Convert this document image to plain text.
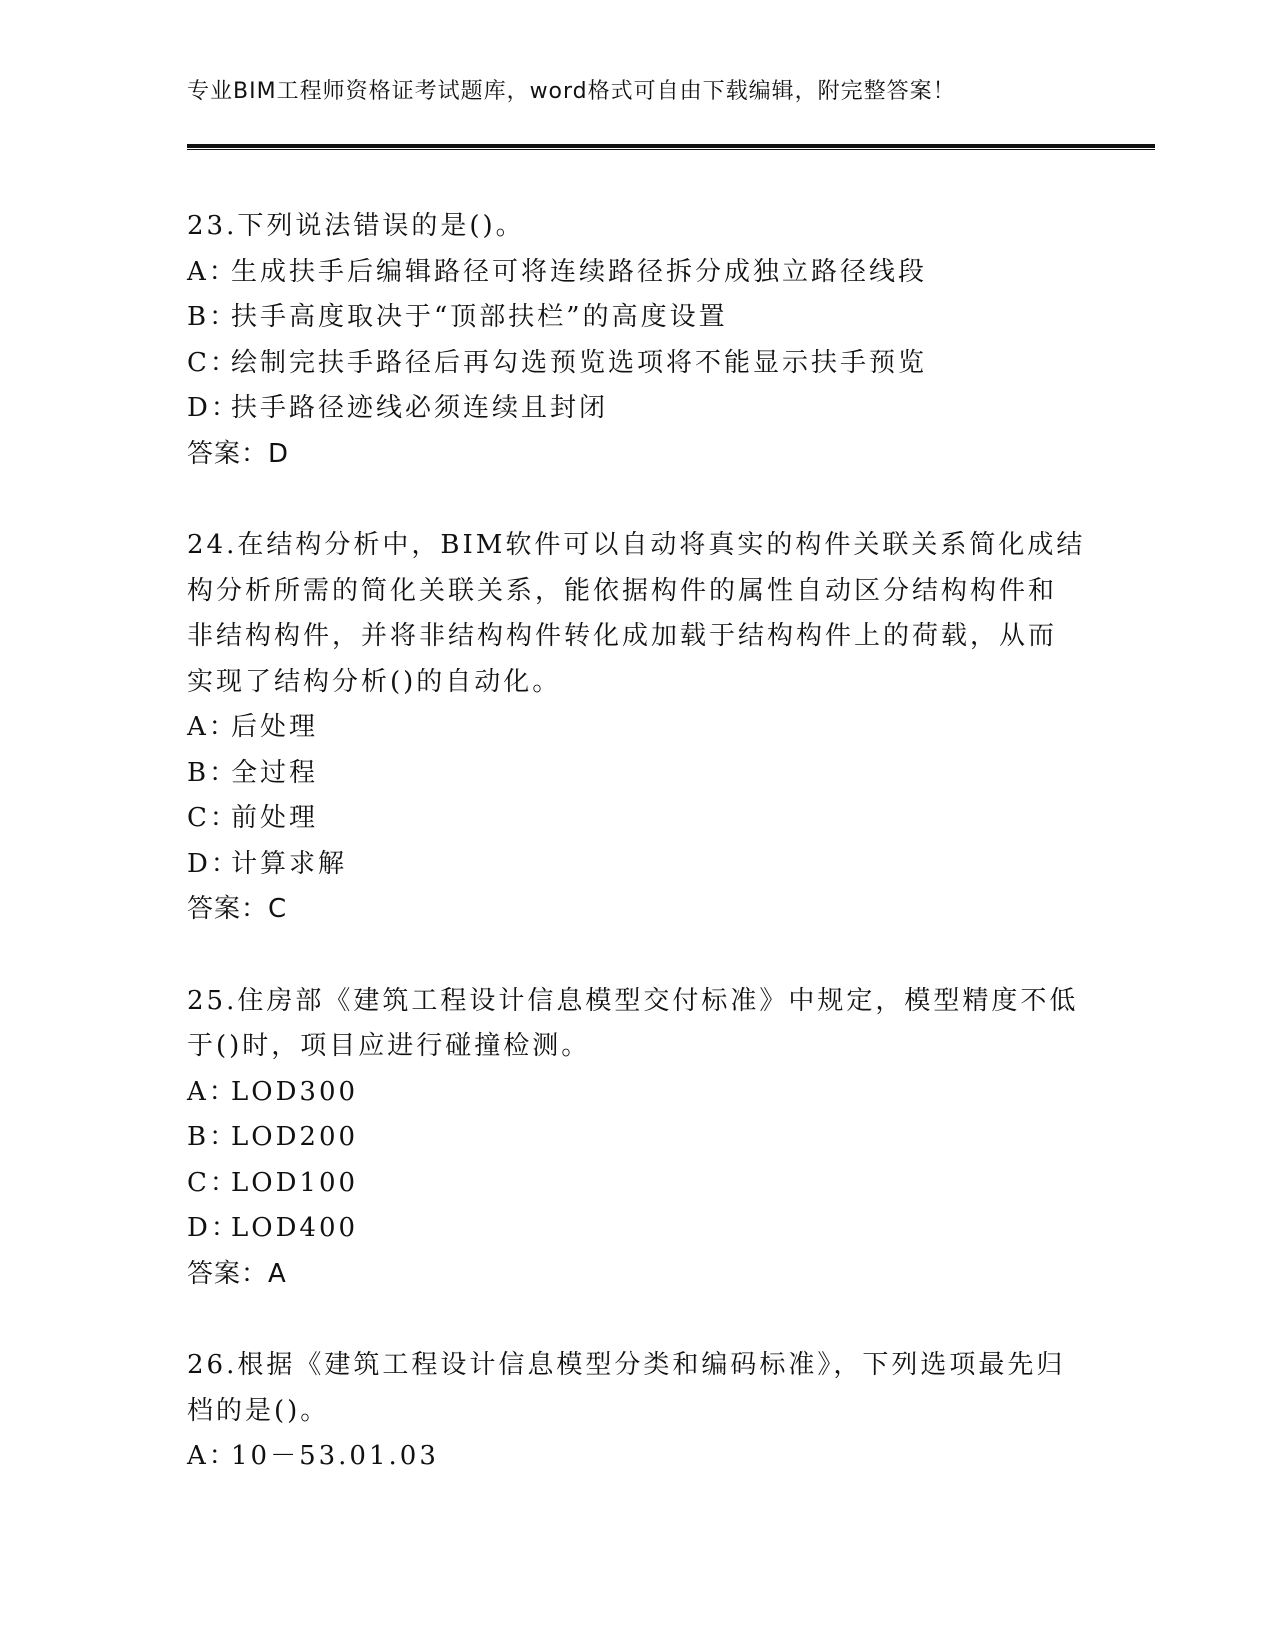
专业BIM工程师资格证考试题库，word格式可自由下载编辑，附完整答案！
23.下列说法错误的是()。
A：生成扶手后编辑路径可将连续路径拆分成独立路径线段
B：扶手高度取决于“顶部扶栏”的高度设置
C：绘制完扶手路径后再勾选预览选项将不能显示扶手预览
D：扶手路径迹线必须连续且封闭
答案：D
24.在结构分析中，BIM软件可以自动将真实的构件关联关系简化成结
构分析所需的简化关联关系，能依据构件的属性自动区分结构构件和
非结构构件，并将非结构构件转化成加载于结构构件上的荷载，从而
实现了结构分析()的自动化。
A：后处理
B：全过程
C：前处理
D：计算求解
答案：C
25.住房部《建筑工程设计信息模型交付标准》中规定，模型精度不低
于()时，项目应进行碰撞检测。
A：LOD300
B：LOD200
C：LOD100
D：LOD400
答案：A
26.根据《建筑工程设计信息模型分类和编码标准》，下列选项最先归
档的是()。
A：10－53.01.03
